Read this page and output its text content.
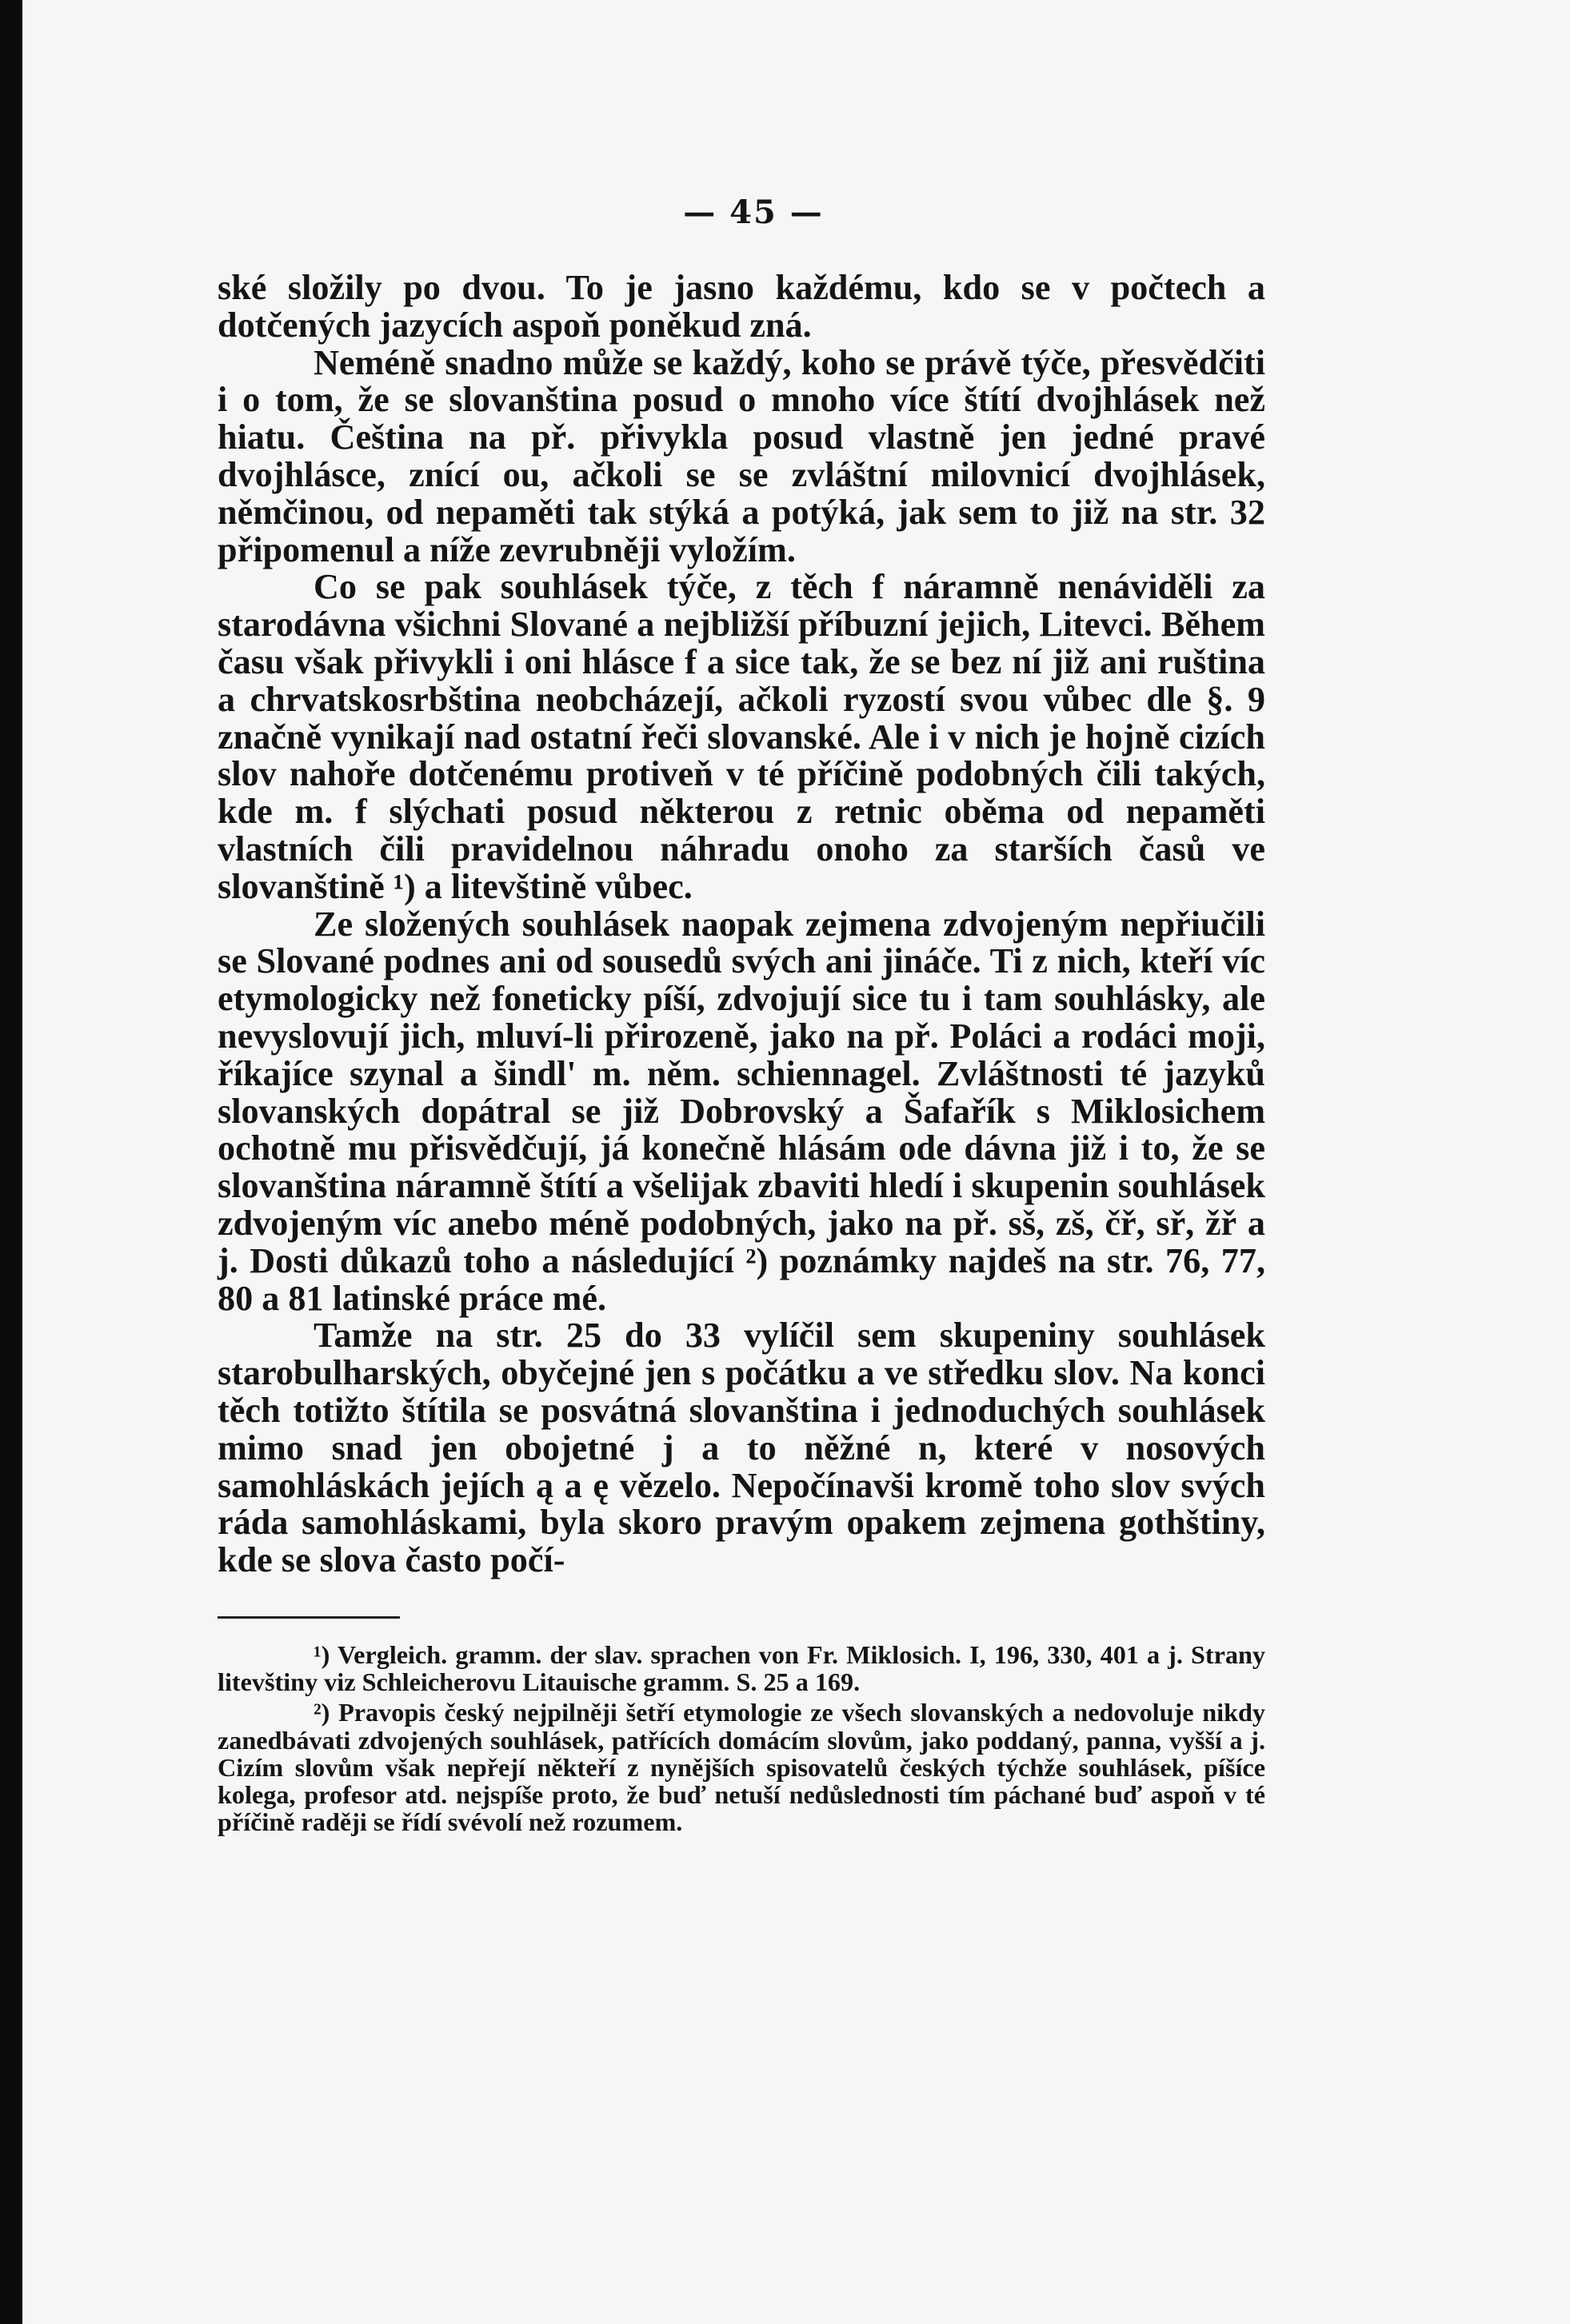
— 45 —

ské složily po dvou. To je jasno každému, kdo se v počtech a dotčených jazycích aspoň poněkud zná.

Neméně snadno může se každý, koho se právě týče, přesvědčiti i o tom, že se slovanština posud o mnoho více štítí dvojhlásek než hiatu. Čeština na př. přivykla posud vlastně jen jedné pravé dvojhlásce, znící ou, ačkoli se se zvláštní milovnicí dvojhlásek, němčinou, od nepaměti tak stýká a potýká, jak sem to již na str. 32 připomenul a níže zevrubněji vyložím.

Co se pak souhlásek týče, z těch f náramně nenáviděli za starodávna všichni Slované a nejbližší příbuzní jejich, Litevci. Během času však přivykli i oni hlásce f a sice tak, že se bez ní již ani ruština a chrvatskosrbština neobcházejí, ačkoli ryzostí svou vůbec dle §. 9 značně vynikají nad ostatní řeči slovanské. Ale i v nich je hojně cizích slov nahoře dotčenému protiveň v té příčině podobných čili takých, kde m. f slýchati posud některou z retnic oběma od nepaměti vlastních čili pravidelnou náhradu onoho za starších časů ve slovanštině ¹) a litevštině vůbec.

Ze složených souhlásek naopak zejmena zdvojeným nepřiučili se Slované podnes ani od sousedů svých ani jináče. Ti z nich, kteří víc etymologicky než foneticky píší, zdvojují sice tu i tam souhlásky, ale nevyslovují jich, mluví-li přirozeně, jako na př. Poláci a rodáci moji, říkajíce szynal a šindl' m. něm. schiennagel. Zvláštnosti té jazyků slovanských dopátral se již Dobrovský a Šafařík s Miklosichem ochotně mu přisvědčují, já konečně hlásám ode dávna již i to, že se slovanština náramně štítí a všelijak zbaviti hledí i skupenin souhlásek zdvojeným víc anebo méně podobných, jako na př. sš, zš, čř, sř, žř a j. Dosti důkazů toho a následující ²) poznámky najdeš na str. 76, 77, 80 a 81 latinské práce mé.

Tamže na str. 25 do 33 vylíčil sem skupeniny souhlásek starobulharských, obyčejné jen s počátku a ve středku slov. Na konci těch totižto štítila se posvátná slovanština i jednoduchých souhlásek mimo snad jen obojetné j a to něžné n, které v nosových samohláskách jejích ą a ę vězelo. Nepočínavši kromě toho slov svých ráda samohláskami, byla skoro pravým opakem zejmena gothštiny, kde se slova často počí-

¹) Vergleich. gramm. der slav. sprachen von Fr. Miklosich. I, 196, 330, 401 a j. Strany litevštiny viz Schleicherovu Litauische gramm. S. 25 a 169.

²) Pravopis český nejpilněji šetří etymologie ze všech slovanských a nedovoluje nikdy zanedbávati zdvojených souhlásek, patřících domácím slovům, jako poddaný, panna, vyšší a j. Cizím slovům však nepřejí někteří z nynějších spisovatelů českých týchže souhlásek, píšíce kolega, profesor atd. nejspíše proto, že buď netuší nedůslednosti tím páchané buď aspoň v té příčině raději se řídí svévolí než rozumem.
